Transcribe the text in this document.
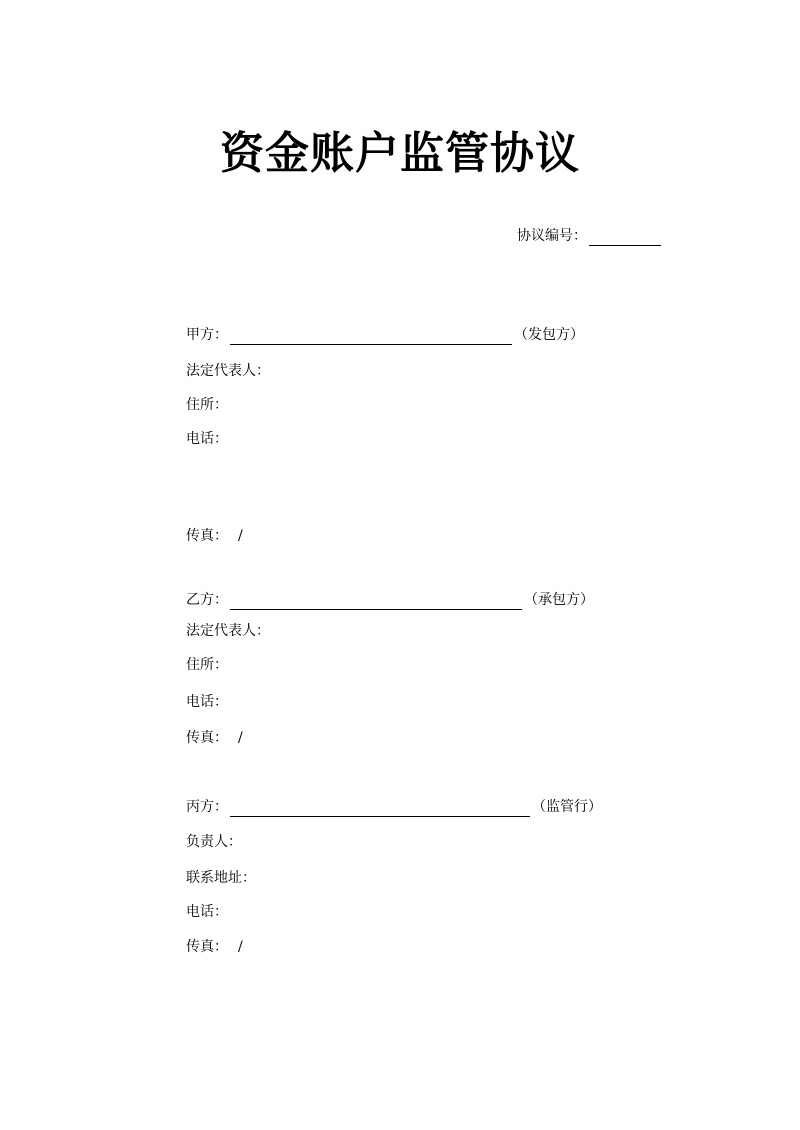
资金账户监管协议
协议编号：
甲方：	（发包方）
法定代表人：
住所：
电话：
传真： /
乙方：	（承包方）
法定代表人：
住所：
电话：
传真： /
丙方：	（监管行）
负责人：
联系地址：
电话：
传真： /
